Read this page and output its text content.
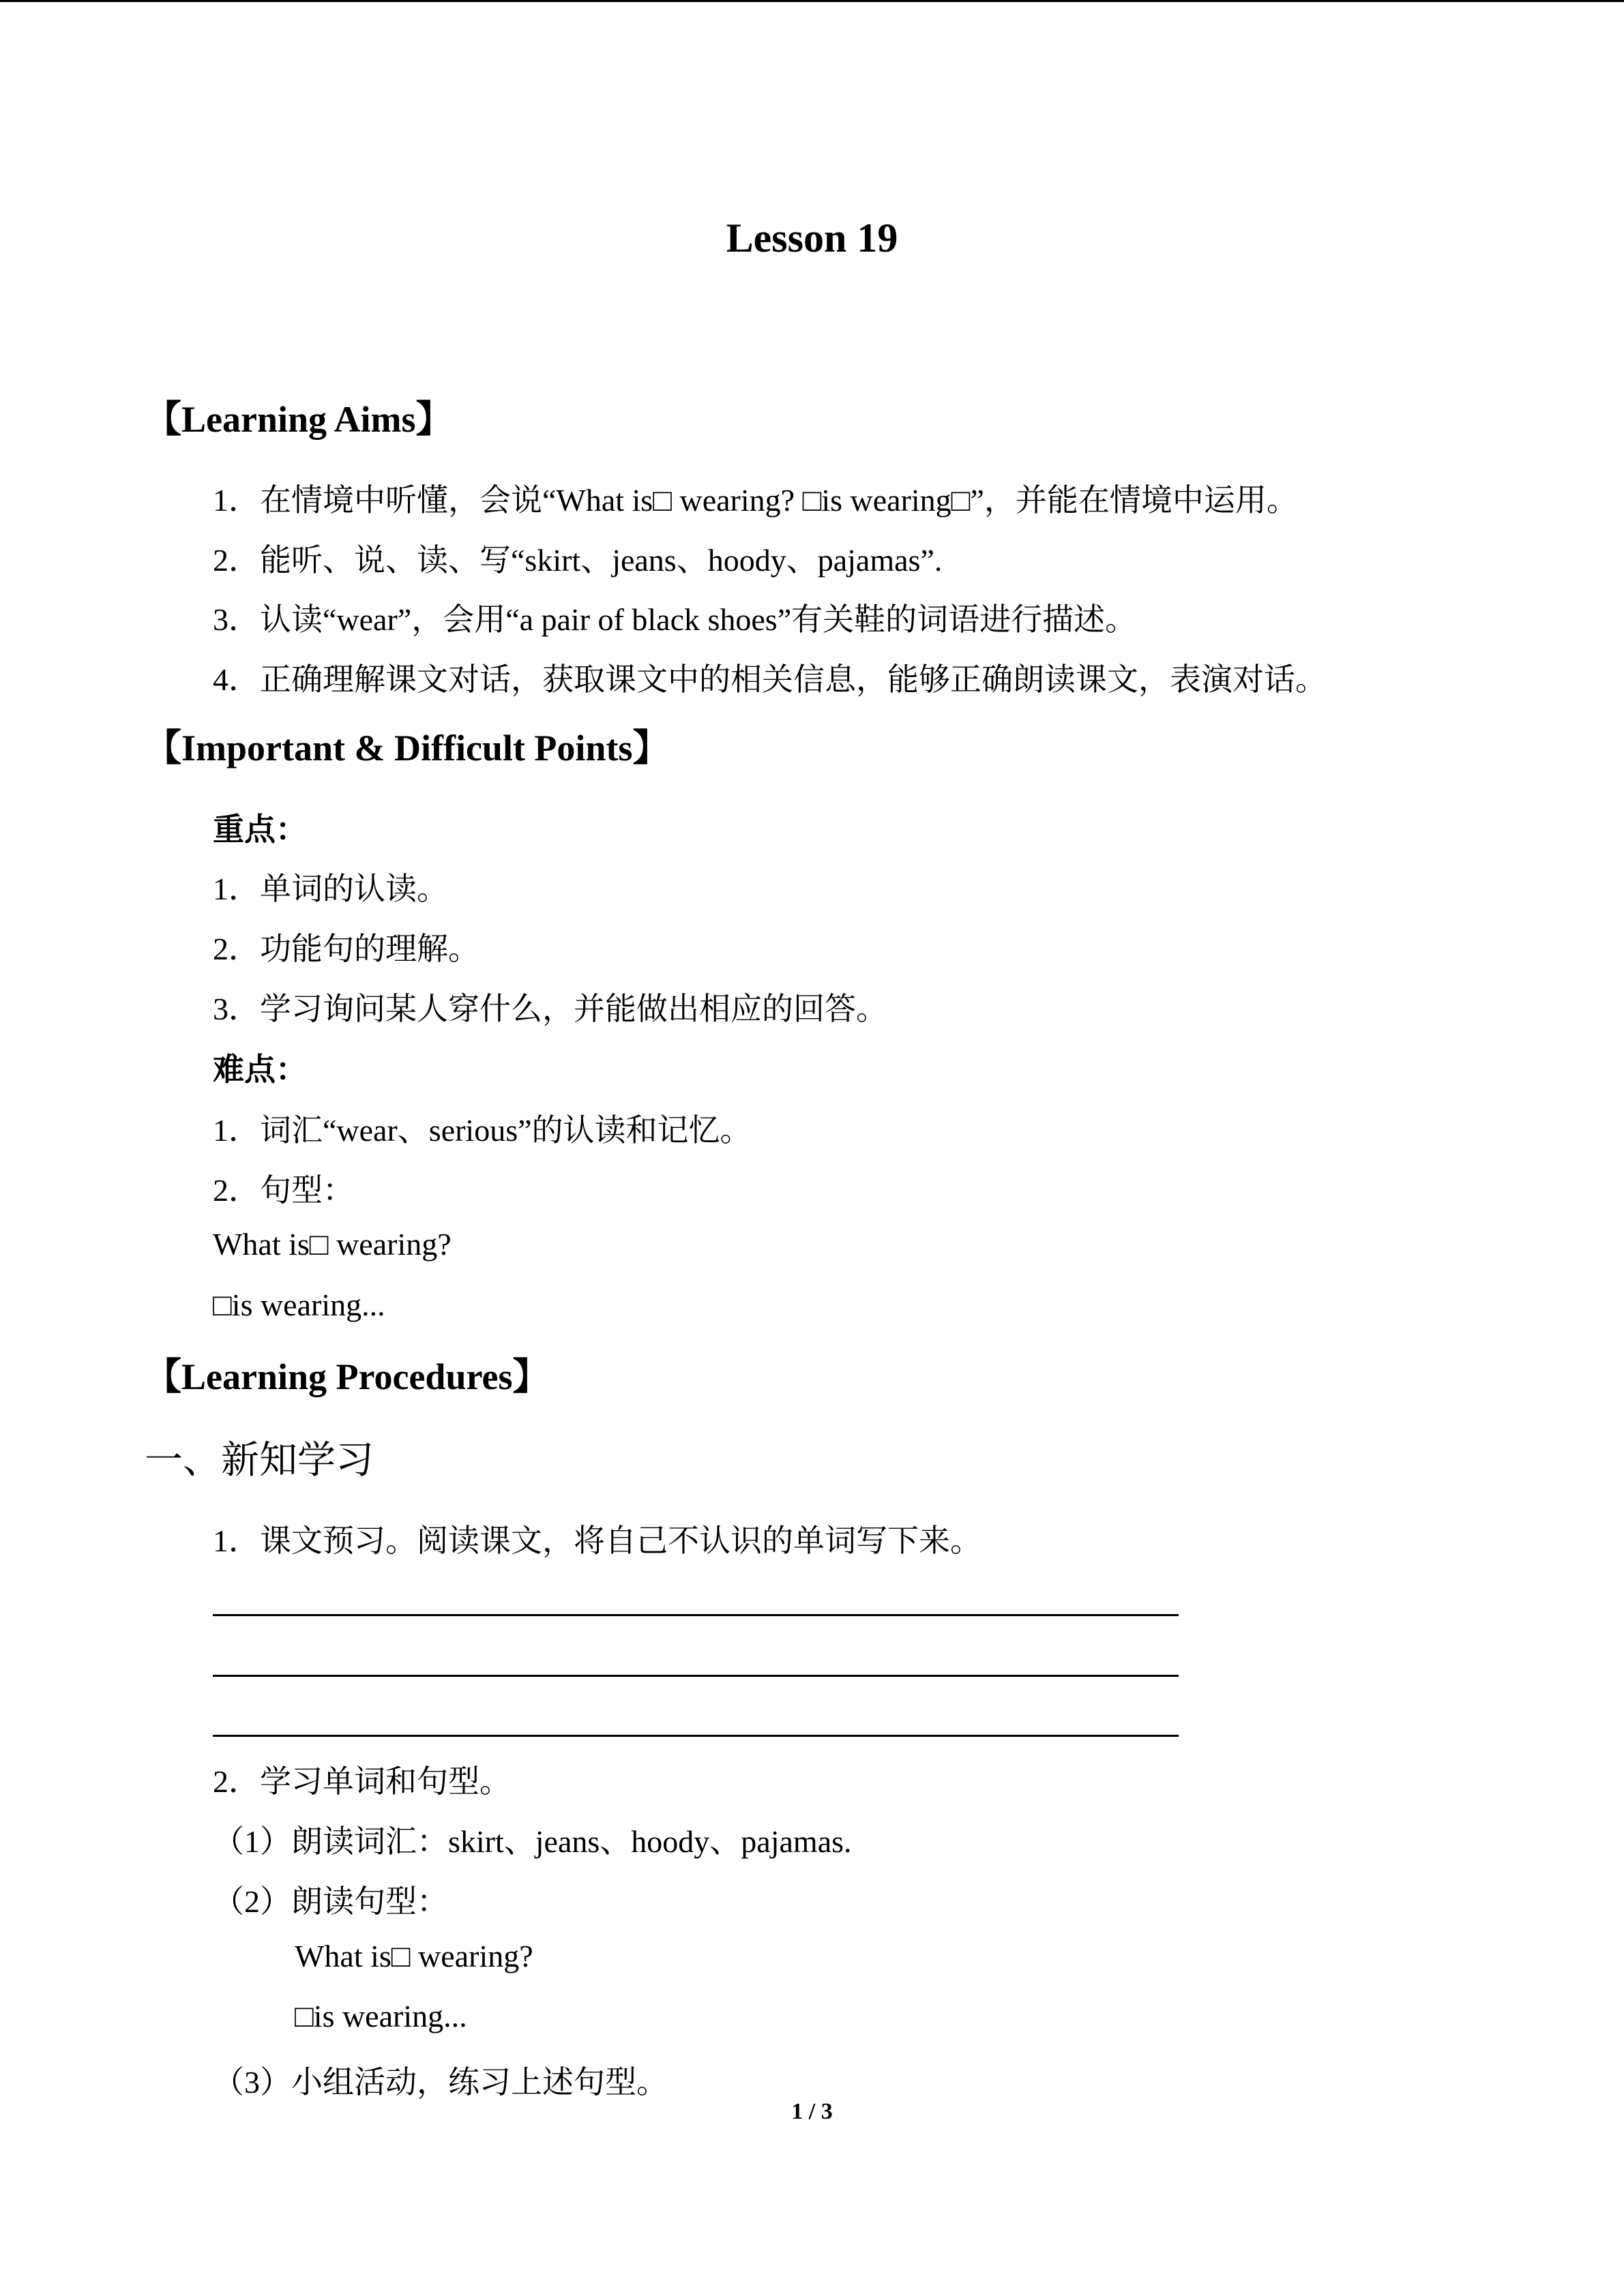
Lesson 19
【Learning Aims】
1．在情境中听懂，会说“What is□ wearing? □is wearing□”，并能在情境中运用。
2．能听、说、读、写“skirt、jeans、hoody、pajamas”.
3．认读“wear”，会用“a pair of black shoes”有关鞋的词语进行描述。
4．正确理解课文对话，获取课文中的相关信息，能够正确朗读课文，表演对话。
【Important & Difficult Points】
重点：
1．单词的认读。
2．功能句的理解。
3．学习询问某人穿什么，并能做出相应的回答。
难点：
1．词汇“wear、serious”的认读和记忆。
2．句型：
What is□ wearing?
□is wearing...
【Learning Procedures】
一、新知学习
1．课文预习。阅读课文，将自己不认识的单词写下来。
2．学习单词和句型。
（1）朗读词汇：skirt、jeans、hoody、pajamas.
（2）朗读句型：
What is□ wearing?
□is wearing...
（3）小组活动，练习上述句型。
1 / 3
